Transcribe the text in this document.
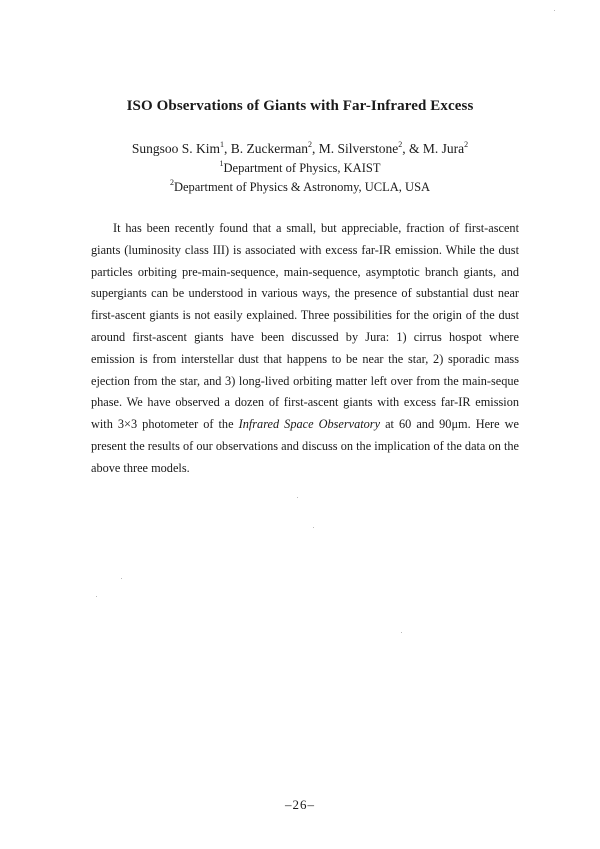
ISO Observations of Giants with Far-Infrared Excess
Sungsoo S. Kim$^1$, B. Zuckerman$^2$, M. Silverstone$^2$, & M. Jura$^2$
$^1$Department of Physics, KAIST
$^2$Department of Physics & Astronomy, UCLA, USA

It has been recently found that a small, but appreciable, fraction of first-ascent giants (luminosity class III) is associated with excess far-IR emission. While the dust particles orbiting pre-main-sequence, main-sequence, asymptotic branch giants, and supergiants can be understood in various ways, the presence of substantial dust near first-ascent giants is not easily explained. Three possibilities for the origin of the dust around first-ascent giants have been discussed by Jura: 1) cirrus hospot where emission is from interstellar dust that happens to be near the star, 2) sporadic mass ejection from the star, and 3) long-lived orbiting matter left over from the main-seque phase. We have observed a dozen of first-ascent giants with excess far-IR emission with 3×3 photometer of the Infrared Space Observatory at 60 and 90μm. Here we present the results of our observations and discuss on the implication of the data on the above three models.

–26–
